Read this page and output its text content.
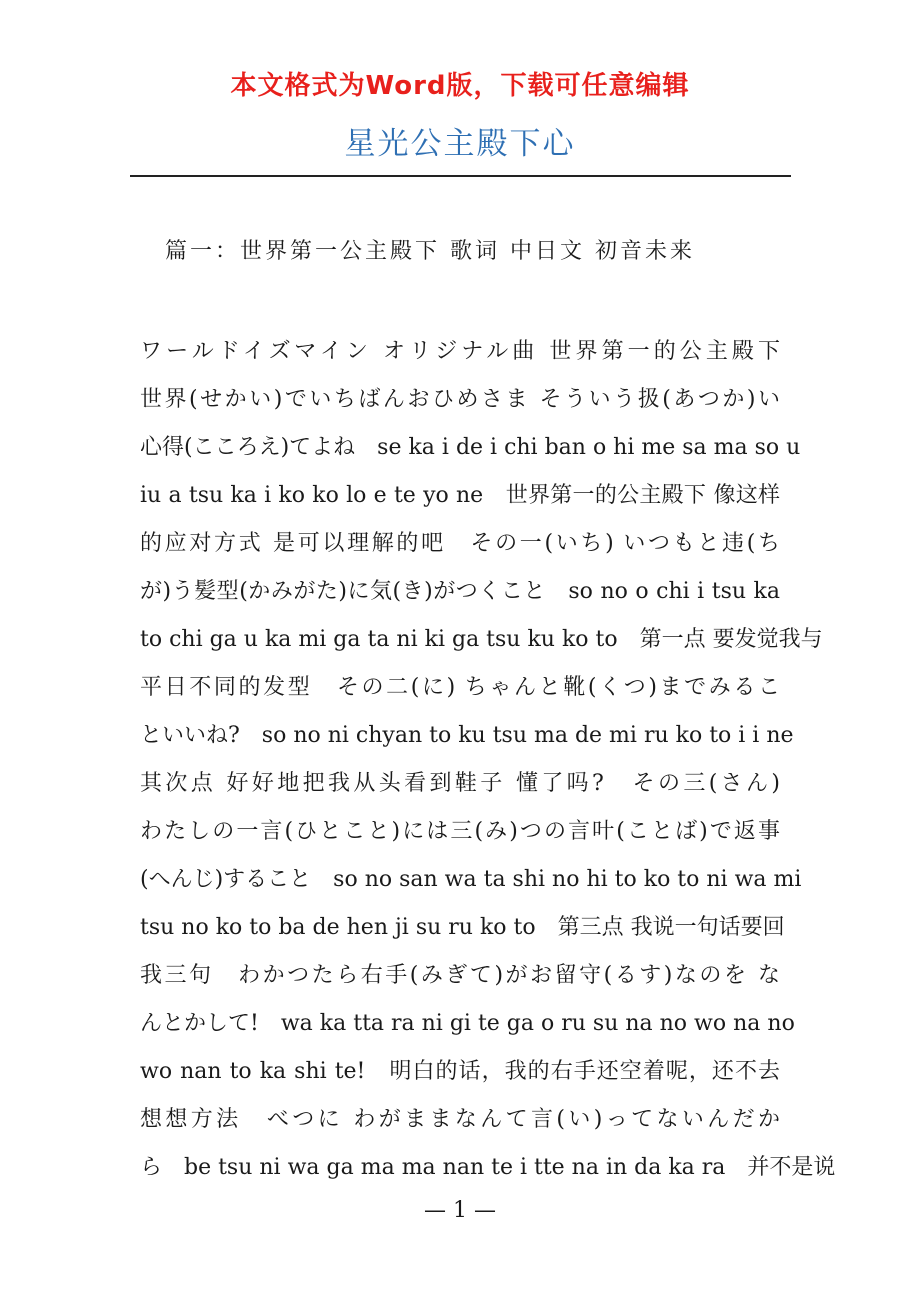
本文格式为Word版，下载可任意编辑
星光公主殿下心
篇一：世界第一公主殿下 歌词 中日文 初音未来
ワールドイズマイン オリジナル曲 世界第一的公主殿下
世界(せかい)でいちばんおひめさま そういう扱(あつか)い
心得(こころえ)てよね　se ka i de i chi ban o hi me sa ma so u
iu a tsu ka i ko ko lo e te yo ne　世界第一的公主殿下 像这样
的应对方式 是可以理解的吧　その一(いち) いつもと违(ち
が)う髪型(かみがた)に気(き)がつくこと　so no o chi i tsu ka
to chi ga u ka mi ga ta ni ki ga tsu ku ko to　第一点 要发觉我与
平日不同的发型　その二(に) ちゃんと靴(くつ)までみるこ
といいね?　so no ni chyan to ku tsu ma de mi ru ko to i i ne
其次点 好好地把我从头看到鞋子 懂了吗?　その三(さん)
わたしの一言(ひとこと)には三(み)つの言叶(ことば)で返事
(へんじ)すること　so no san wa ta shi no hi to ko to ni wa mi
tsu no ko to ba de hen ji su ru ko to　第三点 我说一句话要回
我三句　わかつたら右手(みぎて)がお留守(るす)なのを な
んとかして!　wa ka tta ra ni gi te ga o ru su na no wo na no
wo nan to ka shi te!　明白的话，我的右手还空着呢，还不去
想想方法　べつに わがままなんて言(い)ってないんだか
ら　be tsu ni wa ga ma ma nan te i tte na in da ka ra　并不是说
— 1 —
